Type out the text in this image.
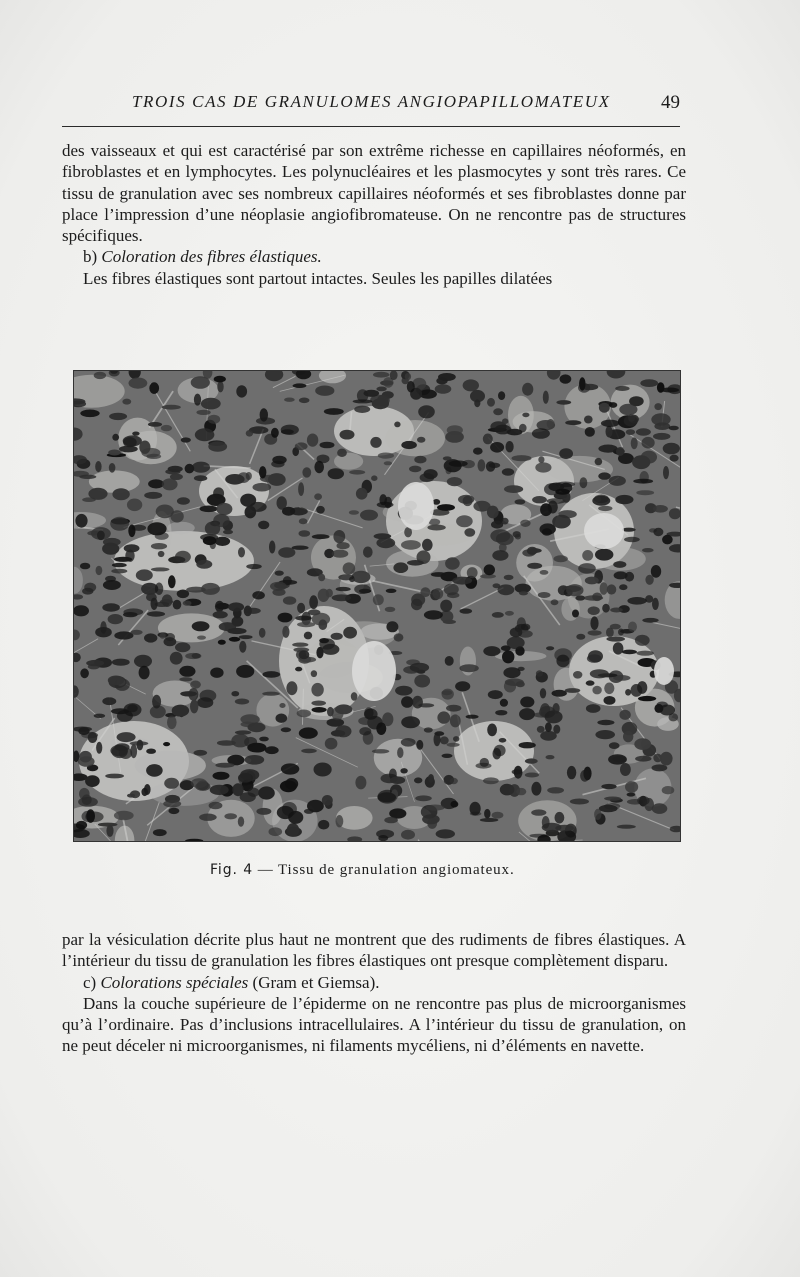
TROIS CAS DE GRANULOMES ANGIOPAPILLOMATEUX	49

des vaisseaux et qui est caractérisé par son extrême richesse en capillaires néoformés, en fibroblastes et en lymphocytes. Les polynucléaires et les plasmocytes y sont très rares. Ce tissu de granulation avec ses nombreux capillaires néoformés et ses fibroblastes donne par place l’impression d’une néoplasie angiofibromateuse. On ne rencontre pas de structures spécifiques.

b) Coloration des fibres élastiques.

Les fibres élastiques sont partout intactes. Seules les papilles dilatées

Fig. 4 — Tissu de granulation angiomateux.

par la vésiculation décrite plus haut ne montrent que des rudiments de fibres élastiques. A l’intérieur du tissu de granulation les fibres élastiques ont presque complètement disparu.

c) Colorations spéciales (Gram et Giemsa).

Dans la couche supérieure de l’épiderme on ne rencontre pas plus de microorganismes qu’à l’ordinaire. Pas d’inclusions intracellulaires. A l’intérieur du tissu de granulation, on ne peut déceler ni microorganismes, ni filaments mycéliens, ni d’éléments en navette.
